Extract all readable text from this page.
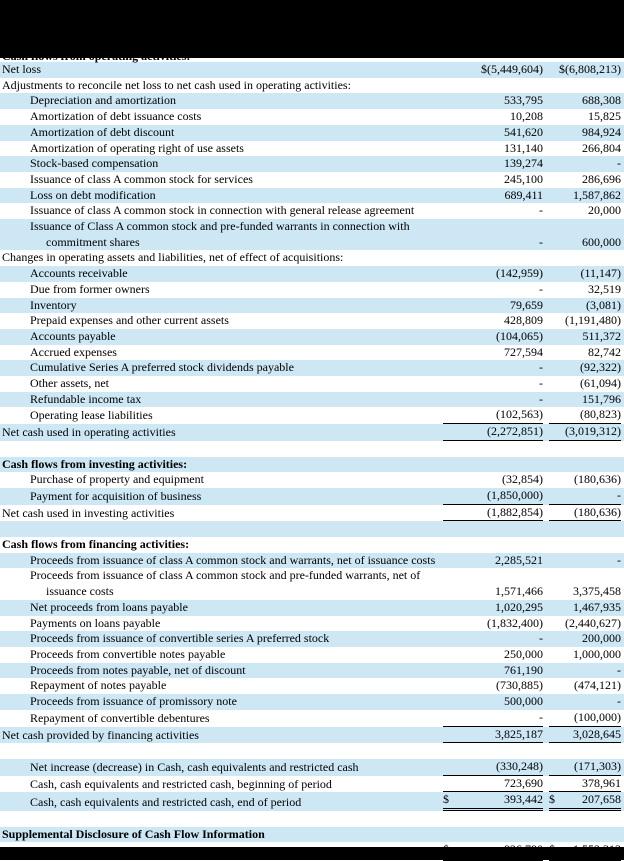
Cash flows from operating activities:
Net loss	$(5,449,604) $(6,808,213)
Adjustments to reconcile net loss to net cash used in operating activities:
Depreciation and amortization	533,795	688,308
Amortization of debt issuance costs	10,208	15,825
Amortization of debt discount	541,620	984,924
Amortization of operating right of use assets	131,140	266,804
Stock-based compensation	139,274	-
Issuance of class A common stock for services	245,100	286,696
Loss on debt modification	689,411	1,587,862
Issuance of class A common stock in connection with general release agreement	-	20,000
Issuance of Class A common stock and pre-funded warrants in connection with
commitment shares	-	600,000
Changes in operating assets and liabilities, net of effect of acquisitions:
Accounts receivable	(142,959)	(11,147)
Due from former owners	-	32,519
Inventory	79,659	(3,081)
Prepaid expenses and other current assets	428,809 (1,191,480)
Accounts payable	(104,065)	511,372
Accrued expenses	727,594	82,742
Cumulative Series A preferred stock dividends payable	-	(92,322)
Other assets, net	-	(61,094)
Refundable income tax	-	151,796
Operating lease liabilities	(102,563)	(80,823)
Net cash used in operating activities	(2,272,851) (3,019,312)
Cash flows from investing activities:
Purchase of property and equipment	(32,854)	(180,636)
Payment for acquisition of business	(1,850,000)	-
Net cash used in investing activities	(1,882,854)	(180,636)
Cash flows from financing activities:
Proceeds from issuance of class A common stock and warrants, net of issuance costs	2,285,521	-
Proceeds from issuance of class A common stock and pre-funded warrants, net of
issuance costs	1,571,466	3,375,458
Net proceeds from loans payable	1,020,295	1,467,935
Payments on loans payable	(1,832,400) (2,440,627)
Proceeds from issuance of convertible series A preferred stock	-	200,000
Proceeds from convertible notes payable	250,000	1,000,000
Proceeds from notes payable, net of discount	761,190	-
Repayment of notes payable	(730,885)	(474,121)
Proceeds from issuance of promissory note	500,000	-
Repayment of convertible debentures	-	(100,000)
Net cash provided by financing activities	3,825,187	3,028,645
Net increase (decrease) in Cash, cash equivalents and restricted cash	(330,248)	(171,303)
Cash, cash equivalents and restricted cash, beginning of period	723,690	378,961
Cash, cash equivalents and restricted cash, end of period	$	393,442 $ 207,658
Supplemental Disclosure of Cash Flow Information
